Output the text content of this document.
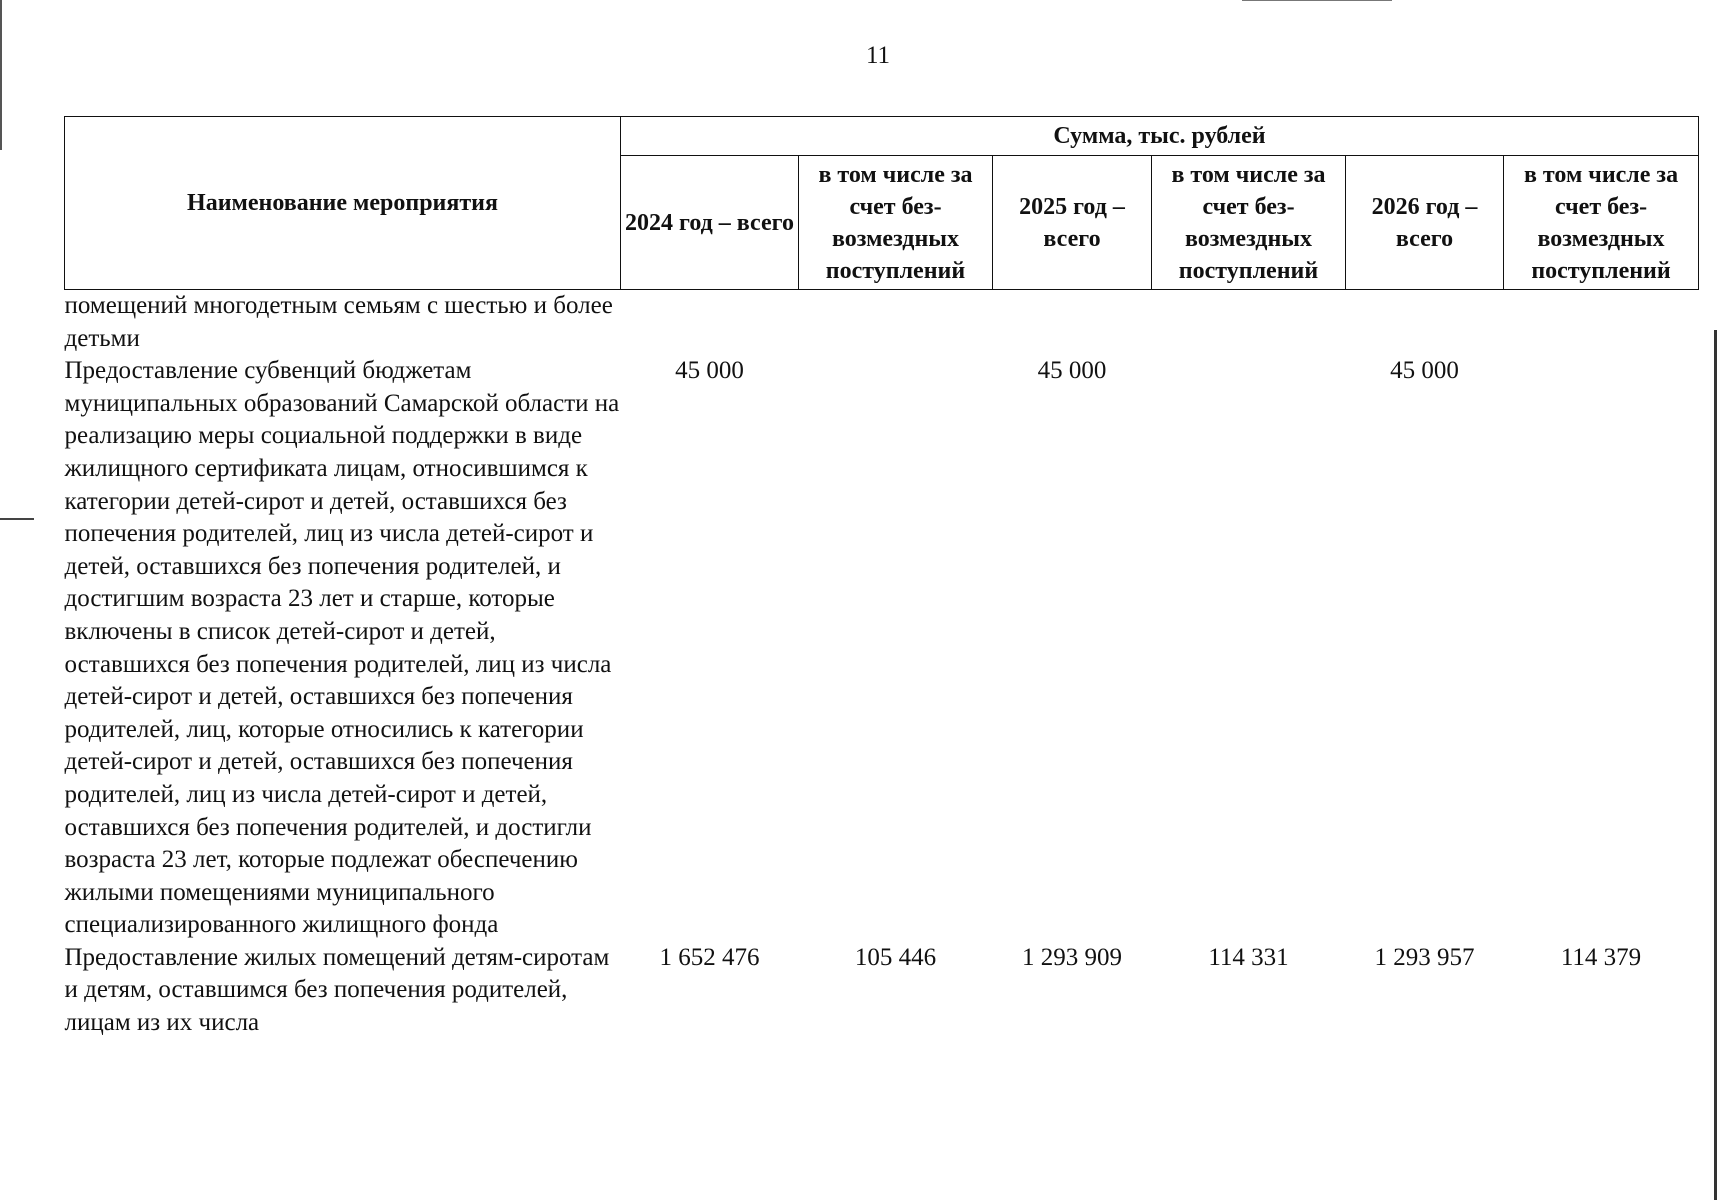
11
Наименование мероприятия	Сумма, тыс. рублей					
	2024 год – всего	в том числе за счет без-возмездных поступлений	2025 год – всего	в том числе за счет без-возмездных поступлений	2026 год – всего	в том числе за счет без-возмездных поступлений
помещений многодетным семьям с шестью и более детьми						
Предоставление субвенций бюджетам муниципальных образований Самарской области на реализацию меры социальной поддержки в виде жилищного сертификата лицам, относившимся к категории детей-сирот и детей, оставшихся без попечения родителей, лиц из числа детей-сирот и детей, оставшихся без попечения родителей, и достигшим возраста 23 лет и старше, которые включены в список детей-сирот и детей, оставшихся без попечения родителей, лиц из числа детей-сирот и детей, оставшихся без попечения родителей, лиц, которые относились к категории детей-сирот и детей, оставшихся без попечения родителей, лиц из числа детей-сирот и детей, оставшихся без попечения родителей, и достигли возраста 23 лет, которые подлежат обеспечению жилыми помещениями муниципального специализированного жилищного фонда	45 000		45 000		45 000	
Предоставление жилых помещений детям-сиротам и детям, оставшимся без попечения родителей, лицам из их числа	1 652 476	105 446	1 293 909	114 331	1 293 957	114 379
